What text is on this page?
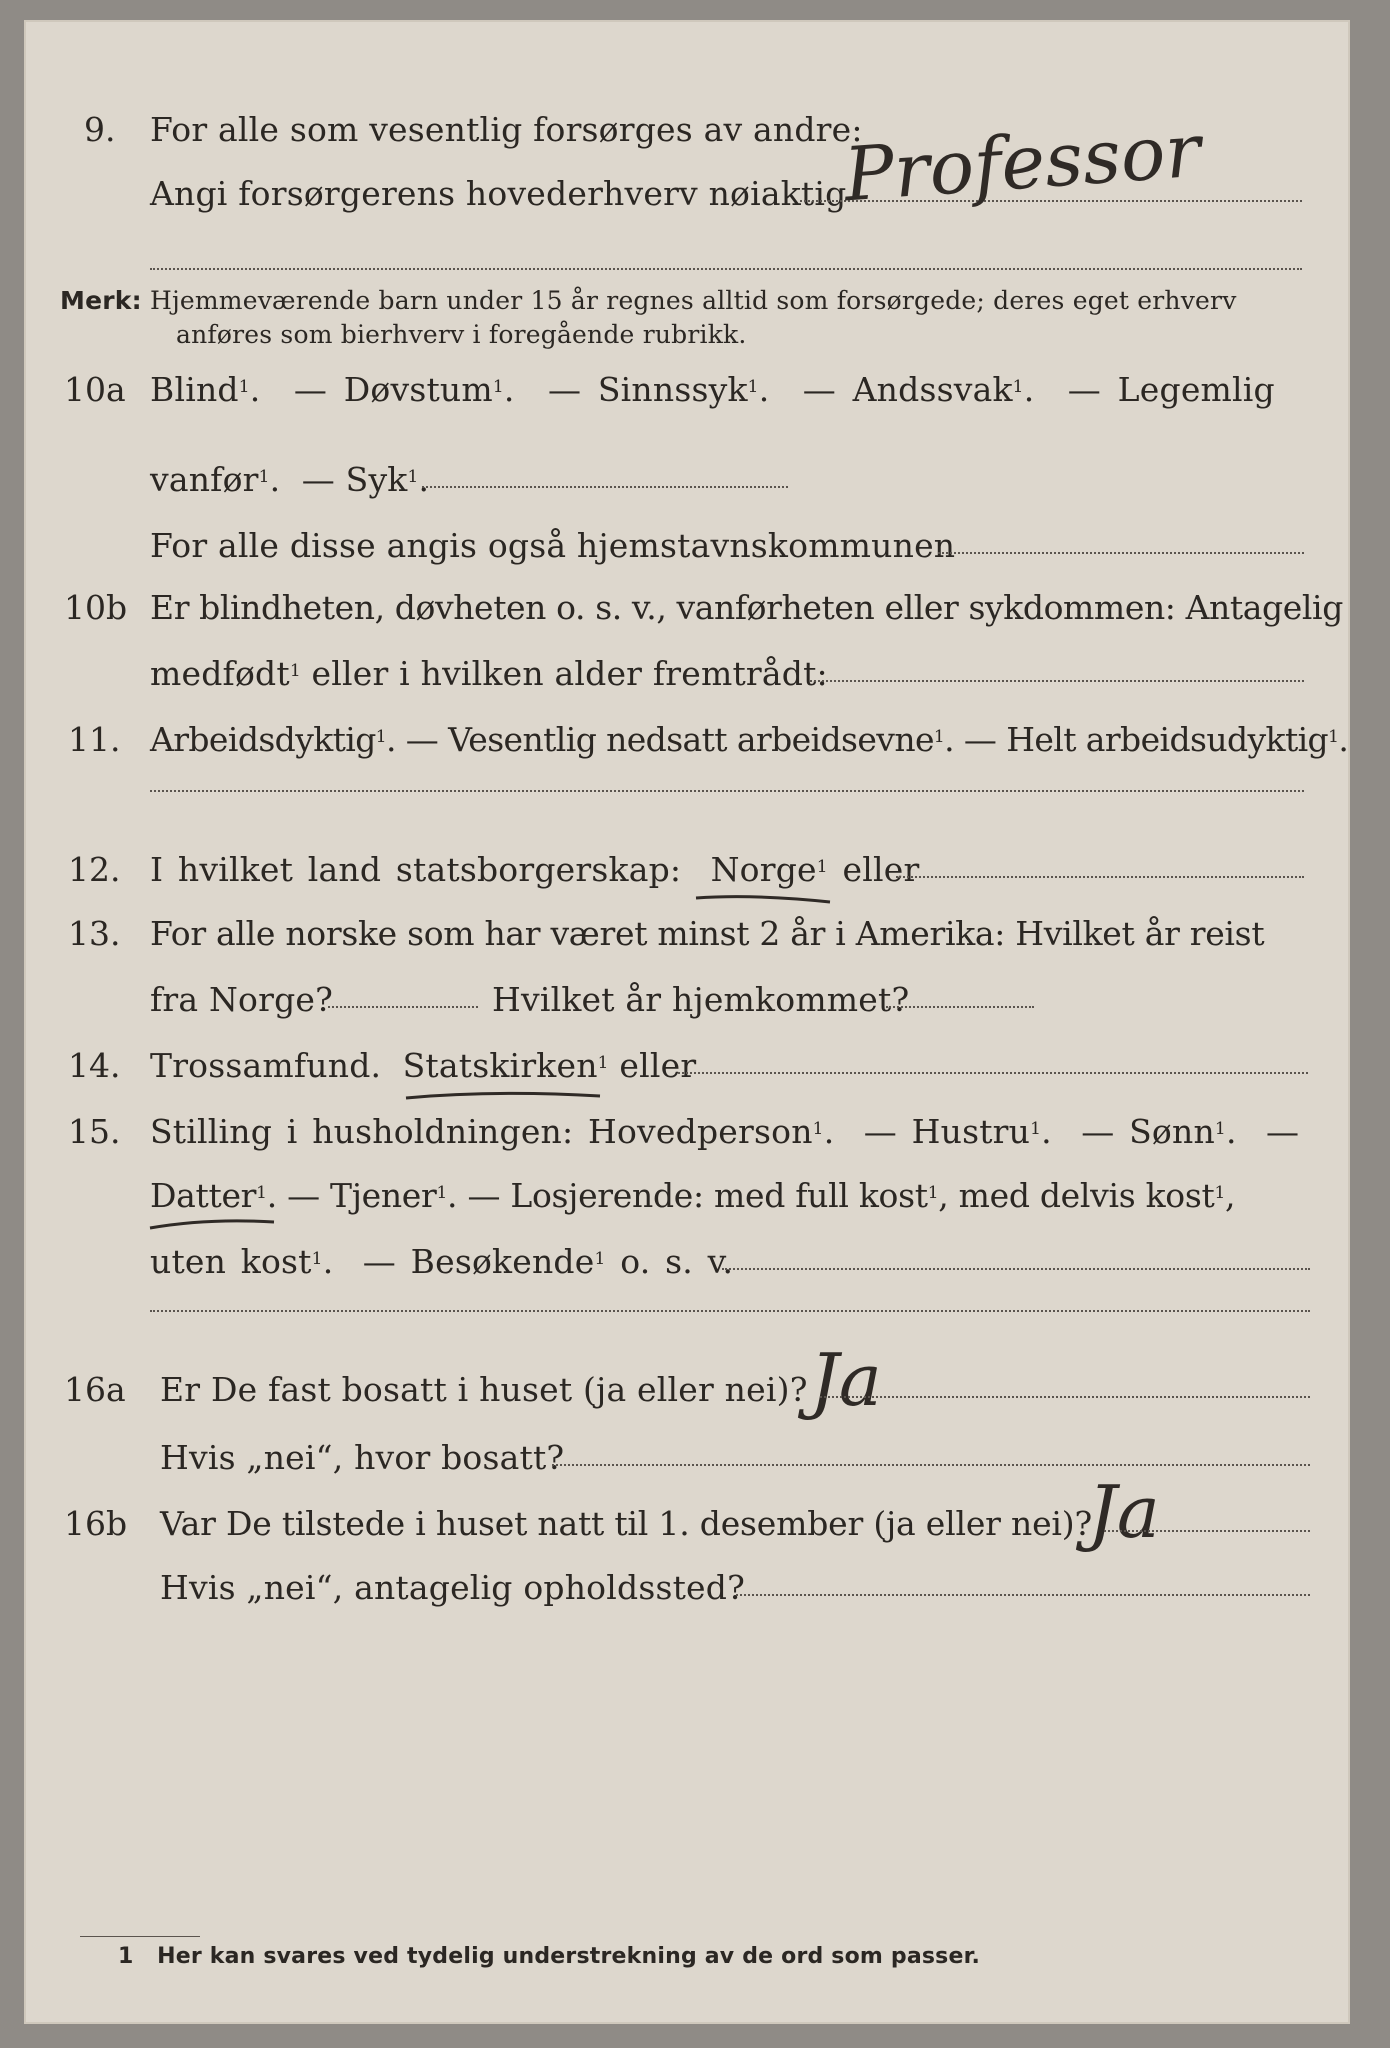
9. For alle som vesentlig forsørges av andre:
Angi forsørgerens hovederhverv nøiaktig
Professor
Merk: Hjemmeværende barn under 15 år regnes alltid som forsørgede; deres eget erhverv
anføres som bierhverv i foregående rubrikk.
10a Blind$^1$.  — Døvstum$^1$.  — Sinnssyk$^1$.  — Andssvak$^1$.  — Legemlig
vanfør$^1$.  — Syk$^1$.
For alle disse angis også hjemstavnskommunen
10b Er blindheten, døvheten o. s. v., vanførheten eller sykdommen: Antagelig
medfødt$^1$ eller i hvilken alder fremtrådt:
11. Arbeidsdyktig$^1$. — Vesentlig nedsatt arbeidsevne$^1$. — Helt arbeidsudyktig$^1$.
12. I hvilket land statsborgerskap: Norge$^1$ eller
13. For alle norske som har været minst 2 år i Amerika: Hvilket år reist
fra Norge?	Hvilket år hjemkommet?
14. Trossamfund. Statskirken$^1$ eller
15. Stilling i husholdningen: Hovedperson$^1$.  — Hustru$^1$.  — Sønn$^1$.  —
Datter$^1$. — Tjener$^1$. — Losjerende: med full kost$^1$, med delvis kost$^1$,
uten kost$^1$.  — Besøkende$^1$ o. s. v.
16a Er De fast bosatt i huset (ja eller nei)? Ja
Hvis „nei“, hvor bosatt?
16b Var De tilstede i huset natt til 1. desember (ja eller nei)?
Ja
Hvis „nei“, antagelig opholdssted?
1 Her kan svares ved tydelig understrekning av de ord som passer.
